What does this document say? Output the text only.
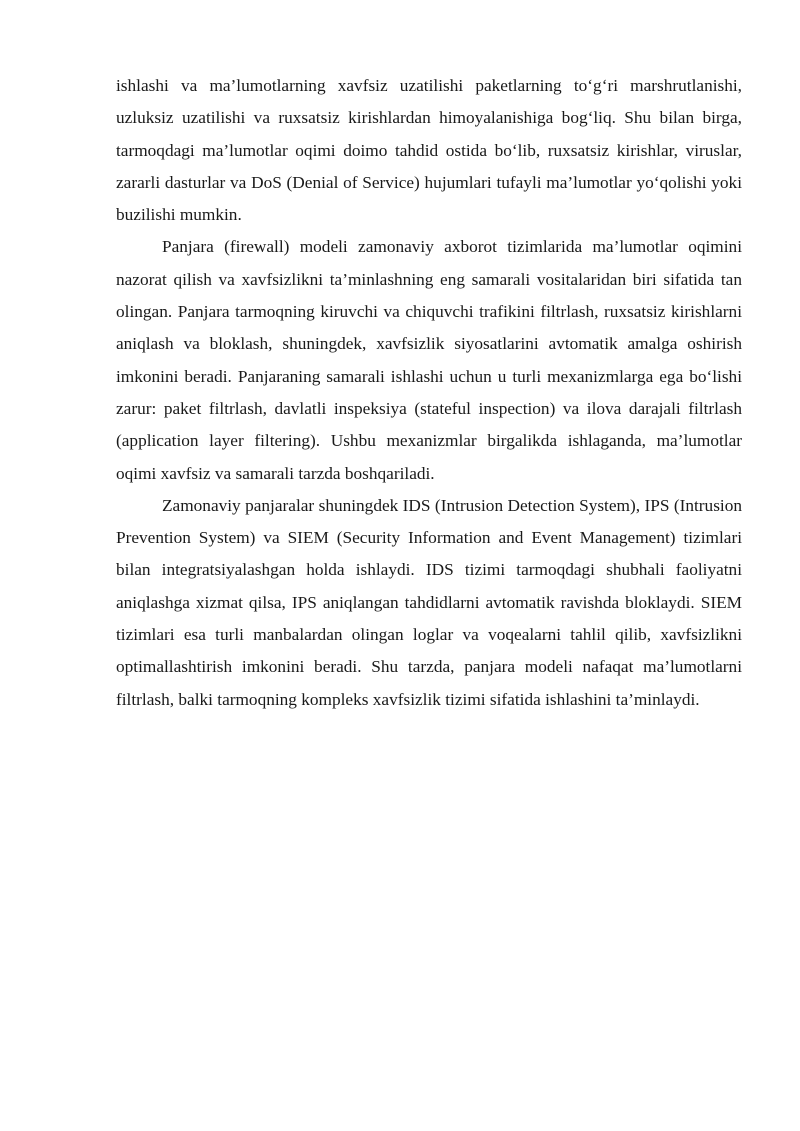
ishlashi va ma’lumotlarning xavfsiz uzatilishi paketlarning to‘g‘ri marshrutlanishi, uzluksiz uzatilishi va ruxsatsiz kirishlardan himoyalanishiga bog‘liq. Shu bilan birga, tarmoqdagi ma’lumotlar oqimi doimo tahdid ostida bo‘lib, ruxsatsiz kirishlar, viruslar, zararli dasturlar va DoS (Denial of Service) hujumlari tufayli ma’lumotlar yo‘qolishi yoki buzilishi mumkin.

Panjara (firewall) modeli zamonaviy axborot tizimlarida ma’lumotlar oqimini nazorat qilish va xavfsizlikni ta’minlashning eng samarali vositalaridan biri sifatida tan olingan. Panjara tarmoqning kiruvchi va chiquvchi trafikini filtrlash, ruxsatsiz kirishlarni aniqlash va bloklash, shuningdek, xavfsizlik siyosatlarini avtomatik amalga oshirish imkonini beradi. Panjaraning samarali ishlashi uchun u turli mexanizmlarga ega bo‘lishi zarur: paket filtrlash, davlatli inspeksiya (stateful inspection) va ilova darajali filtrlash (application layer filtering). Ushbu mexanizmlar birgalikda ishlaganda, ma’lumotlar oqimi xavfsiz va samarali tarzda boshqariladi.

Zamonaviy panjaralar shuningdek IDS (Intrusion Detection System), IPS (Intrusion Prevention System) va SIEM (Security Information and Event Management) tizimlari bilan integratsiyalashgan holda ishlaydi. IDS tizimi tarmoqdagi shubhali faoliyatni aniqlashga xizmat qilsa, IPS aniqlangan tahdidlarni avtomatik ravishda bloklaydi. SIEM tizimlari esa turli manbalardan olingan loglar va voqealarni tahlil qilib, xavfsizlikni optimallashtirish imkonini beradi. Shu tarzda, panjara modeli nafaqat ma’lumotlarni filtrlash, balki tarmoqning kompleks xavfsizlik tizimi sifatida ishlashini ta’minlaydi.
